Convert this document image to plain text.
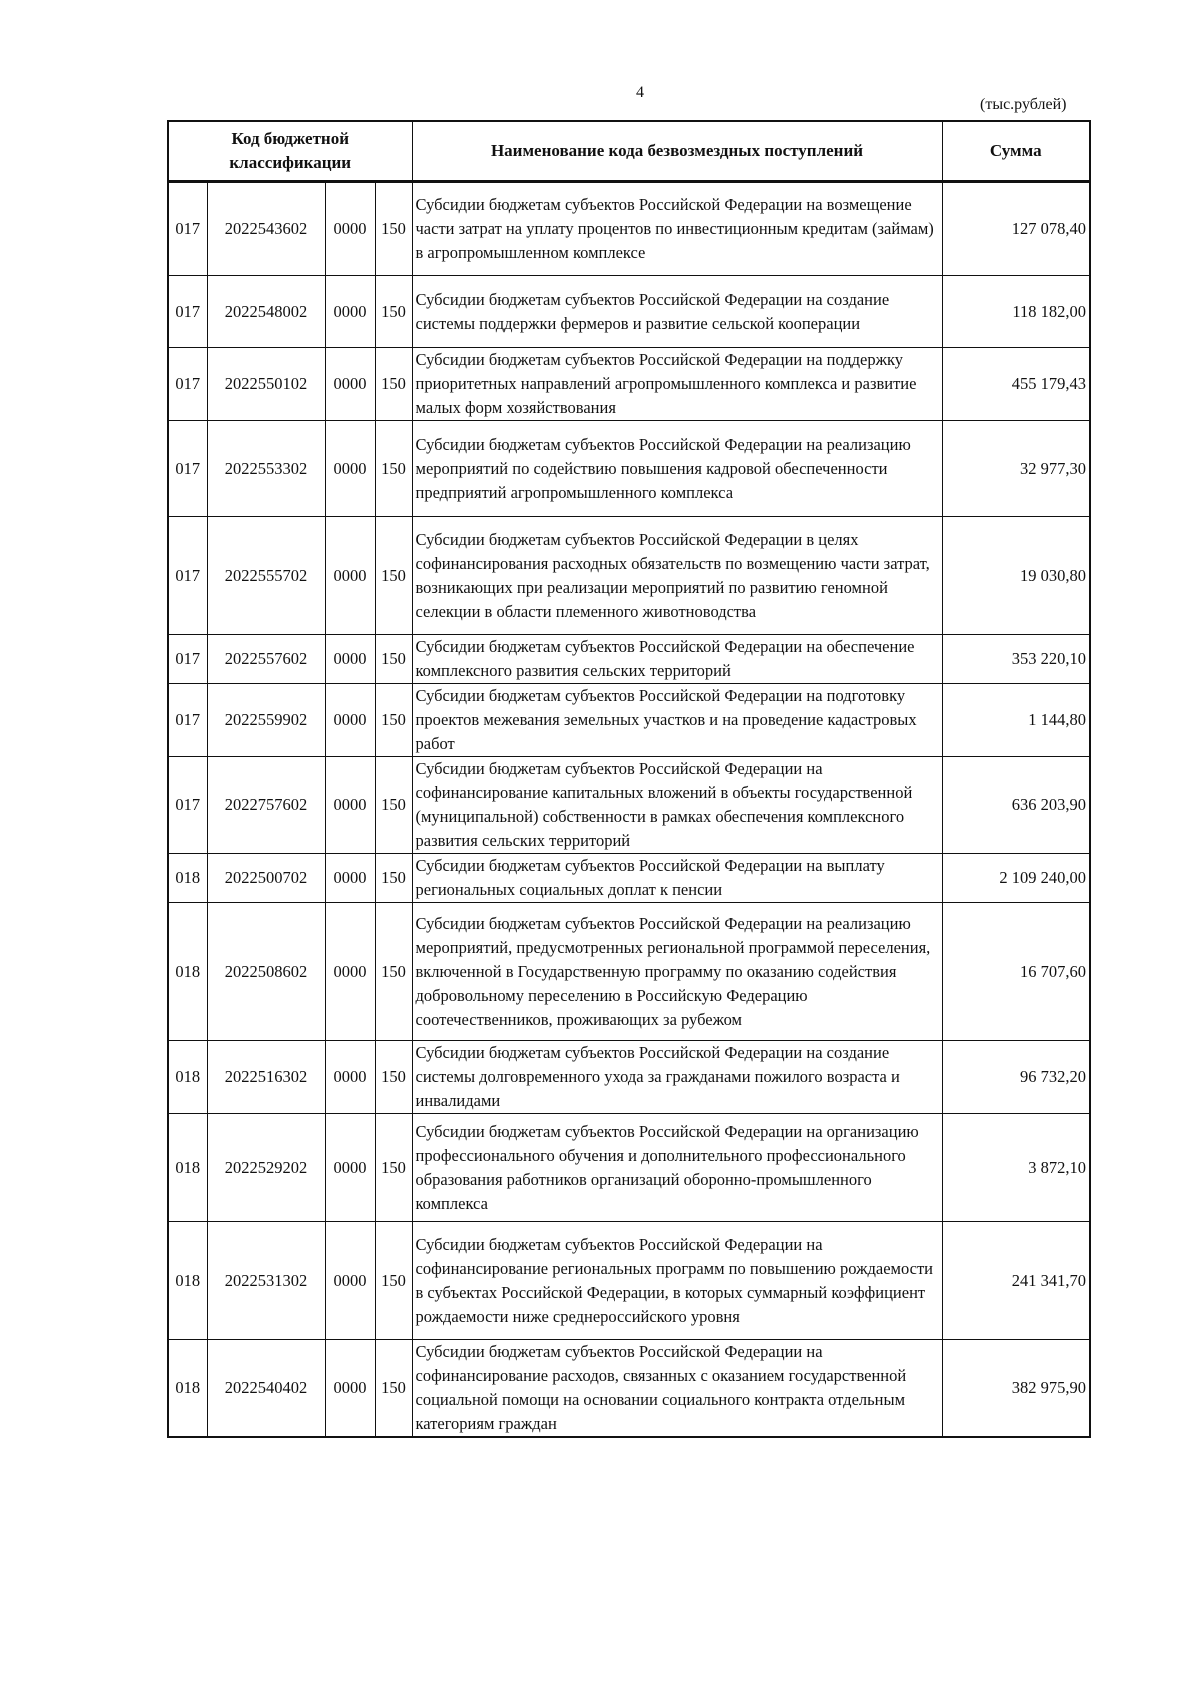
4
(тыс.рублей)
Код бюджетной классификации				Наименование кода безвозмездных поступлений	Сумма
017	2022543602	0000	150	Субсидии бюджетам субъектов Российской Федерации на возмещение части затрат на уплату процентов по инвестиционным кредитам (займам) в агропромышленном комплексе	127 078,40
017	2022548002	0000	150	Субсидии бюджетам субъектов Российской Федерации на создание системы поддержки фермеров и развитие сельской кооперации	118 182,00
017	2022550102	0000	150	Субсидии бюджетам субъектов Российской Федерации на поддержку приоритетных направлений агропромышленного комплекса и развитие малых форм хозяйствования	455 179,43
017	2022553302	0000	150	Субсидии бюджетам субъектов Российской Федерации на реализацию мероприятий по содействию повышения кадровой обеспеченности предприятий агропромышленного комплекса	32 977,30
017	2022555702	0000	150	Субсидии бюджетам субъектов Российской Федерации в целях софинансирования расходных обязательств по возмещению части затрат, возникающих при реализации мероприятий по развитию геномной селекции в области племенного животноводства	19 030,80
017	2022557602	0000	150	Субсидии бюджетам субъектов Российской Федерации на обеспечение комплексного развития сельских территорий	353 220,10
017	2022559902	0000	150	Субсидии бюджетам субъектов Российской Федерации на подготовку проектов межевания земельных участков и на проведение кадастровых работ	1 144,80
017	2022757602	0000	150	Субсидии бюджетам субъектов Российской Федерации на софинансирование капитальных вложений в объекты государственной (муниципальной) собственности в рамках обеспечения комплексного развития сельских территорий	636 203,90
018	2022500702	0000	150	Субсидии бюджетам субъектов Российской Федерации на выплату региональных социальных доплат к пенсии	2 109 240,00
018	2022508602	0000	150	Субсидии бюджетам субъектов Российской Федерации на реализацию мероприятий, предусмотренных региональной программой переселения, включенной в Государственную программу по оказанию содействия добровольному переселению в Российскую Федерацию соотечественников, проживающих за рубежом	16 707,60
018	2022516302	0000	150	Субсидии бюджетам субъектов Российской Федерации на создание системы долговременного ухода за гражданами пожилого возраста и инвалидами	96 732,20
018	2022529202	0000	150	Субсидии бюджетам субъектов Российской Федерации на организацию профессионального обучения и дополнительного профессионального образования работников организаций оборонно-промышленного комплекса	3 872,10
018	2022531302	0000	150	Субсидии бюджетам субъектов Российской Федерации на софинансирование региональных программ по повышению рождаемости в субъектах Российской Федерации, в которых суммарный коэффициент рождаемости ниже среднероссийского уровня	241 341,70
018	2022540402	0000	150	Субсидии бюджетам субъектов Российской Федерации на софинансирование расходов, связанных с оказанием государственной социальной помощи на основании социального контракта отдельным категориям граждан	382 975,90
